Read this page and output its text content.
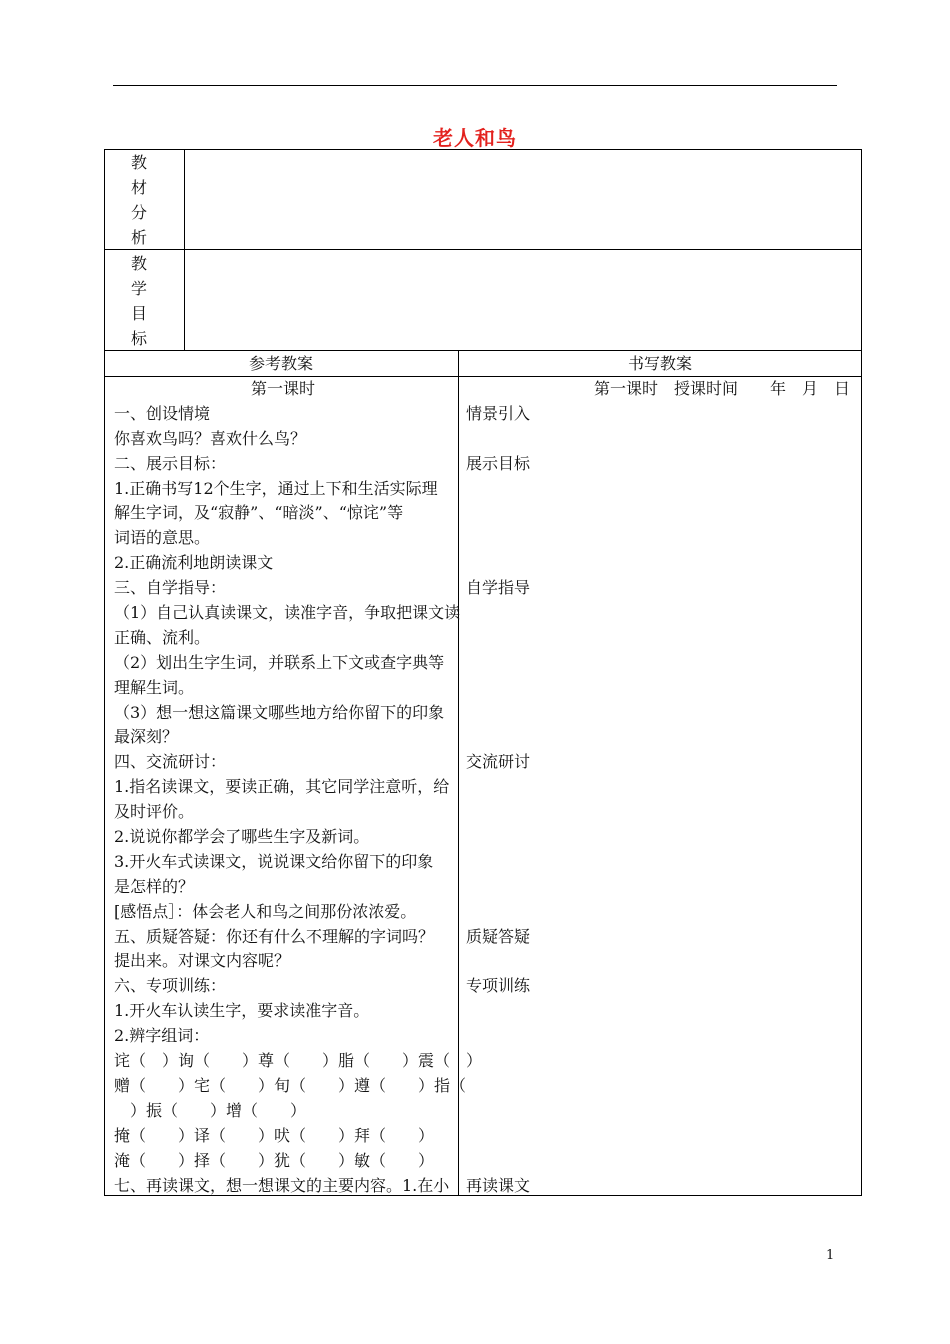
老人和鸟
教
材
分
析
教
学
目
标
参考教案	书写教案
第一课时
一、创设情境
你喜欢鸟吗？喜欢什么鸟？
二、展示目标：
1.正确书写12个生字，通过上下和生活实际理
解生字词，及“寂静”、“暗淡”、“惊诧”等
词语的意思。
2.正确流利地朗读课文
三、自学指导：
（1）自己认真读课文，读准字音，争取把课文读
正确、流利。
（2）划出生字生词，并联系上下文或查字典等
理解生词。
（3）想一想这篇课文哪些地方给你留下的印象
最深刻？
四、交流研讨：
1.指名读课文，要读正确，其它同学注意听，给
及时评价。
2.说说你都学会了哪些生字及新词。
3.开火车式读课文，说说课文给你留下的印象
是怎样的？
[感悟点］：体会老人和鸟之间那份浓浓爱。
五、质疑答疑：你还有什么不理解的字词吗？
提出来。对课文内容呢？
六、专项训练：
1.开火车认读生字，要求读准字音。
2.辨字组词：
诧（　）询（　　）尊（　　）脂（　　）震（　）
赠（　　）宅（　　）旬（　　）遵（　　）指（
　）振（　　）增（　　）
掩（　　）译（　　）吠（　　）拜（　　）
淹（　　）择（　　）犹（　　）敏（　　）
七、再读课文，想一想课文的主要内容。1.在小
　　　　　　　　第一课时　授课时间　　年　月　日
情景引入
展示目标
自学指导
交流研讨
质疑答疑
专项训练
再读课文
1
